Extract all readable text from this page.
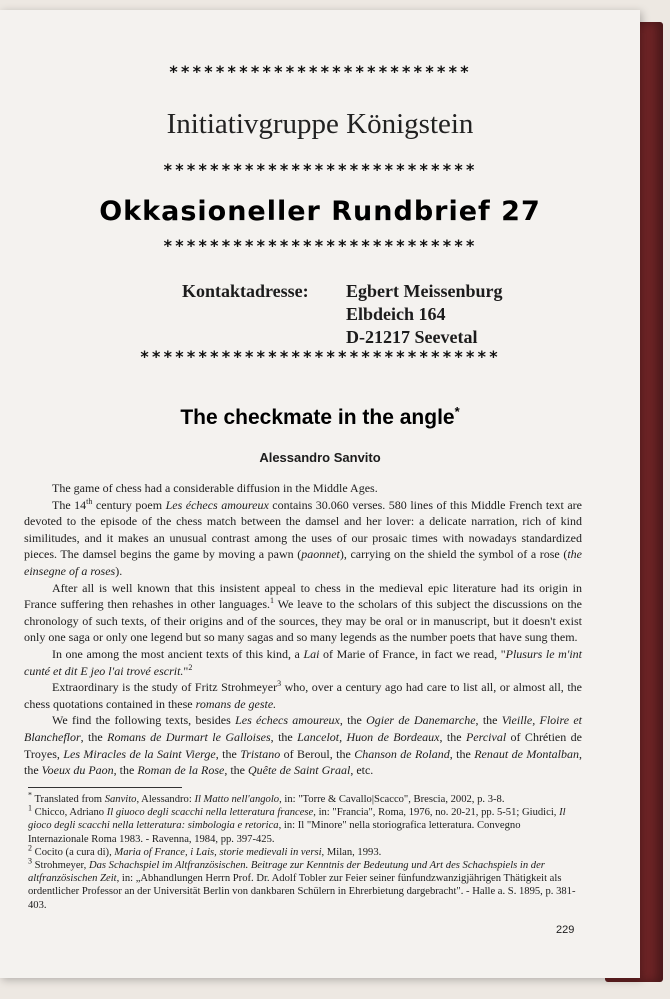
**************************
Initiativgruppe Königstein
***************************
Okkasioneller Rundbrief 27
***************************
Kontaktadresse: Egbert Meissenburg
Elbdeich 164
D-21217 Seevetal
*******************************
The checkmate in the angle*
Alessandro Sanvito

The game of chess had a considerable diffusion in the Middle Ages.

The 14th century poem Les échecs amoureux contains 30.060 verses. 580 lines of this Middle French text are devoted to the episode of the chess match between the damsel and her lover: a delicate narration, rich of kind similitudes, and it makes an unusual contrast among the uses of our prosaic times with nowadays standardized pieces. The damsel begins the game by moving a pawn (paonnet), carrying on the shield the symbol of a rose (the einsegne of a roses).

After all is well known that this insistent appeal to chess in the medieval epic literature had its origin in France suffering then rehashes in other languages.$^1$ We leave to the scholars of this subject the discussions on the chronology of such texts, of their origins and of the sources, they may be oral or in manuscript, but it doesn't exist only one saga or only one legend but so many sagas and so many legends as the number poets that have sung them.

In one among the most ancient texts of this kind, a Lai of Marie of France, in fact we read, "Plusurs le m'int cunté et dit E jeo l'ai trové escrit."$^2$

Extraordinary is the study of Fritz Strohmeyer$^3$ who, over a century ago had care to list all, or almost all, the chess quotations contained in these romans de geste.

We find the following texts, besides Les échecs amoureux, the Ogier de Danemarche, the Vieille, Floire et Blancheflor, the Romans de Durmart le Galloises, the Lancelot, Huon de Bordeaux, the Percival of Chrétien de Troyes, Les Miracles de la Saint Vierge, the Tristano of Beroul, the Chanson de Roland, the Renaut de Montalban, the Voeux du Paon, the Roman de la Rose, the Quête de Saint Graal, etc.

* Translated from Sanvito, Alessandro: Il Matto nell'angolo, in: "Torre & Cavallo|Scacco", Brescia, 2002, p. 3-8.
$^1$ Chicco, Adriano Il giuoco degli scacchi nella letteratura francese, in: "Francia", Roma, 1976, no. 20-21, pp. 5-51; Giudici, Il gioco degli scacchi nella letteratura: simbologia e retorica, in: Il "Minore" nella storiografica letteratura. Convegno Internazionale Roma 1983. - Ravenna, 1984, pp. 397-425.
$^2$ Cocito (a cura di), Maria of France, i Lais, storie medievali in versi, Milan, 1993.
$^3$ Strohmeyer, Das Schachspiel im Altfranzösischen. Beitrage zur Kenntnis der Bedeutung und Art des Schachspiels in der altfranzösischen Zeit, in: „Abhandlungen Herrn Prof. Dr. Adolf Tobler zur Feier seiner fünfundzwanzigjährigen Thätigkeit als ordentlicher Professor an der Universität Berlin von dankbaren Schülern in Ehrerbietung dargebracht". - Halle a. S. 1895, p. 381-403.
229
